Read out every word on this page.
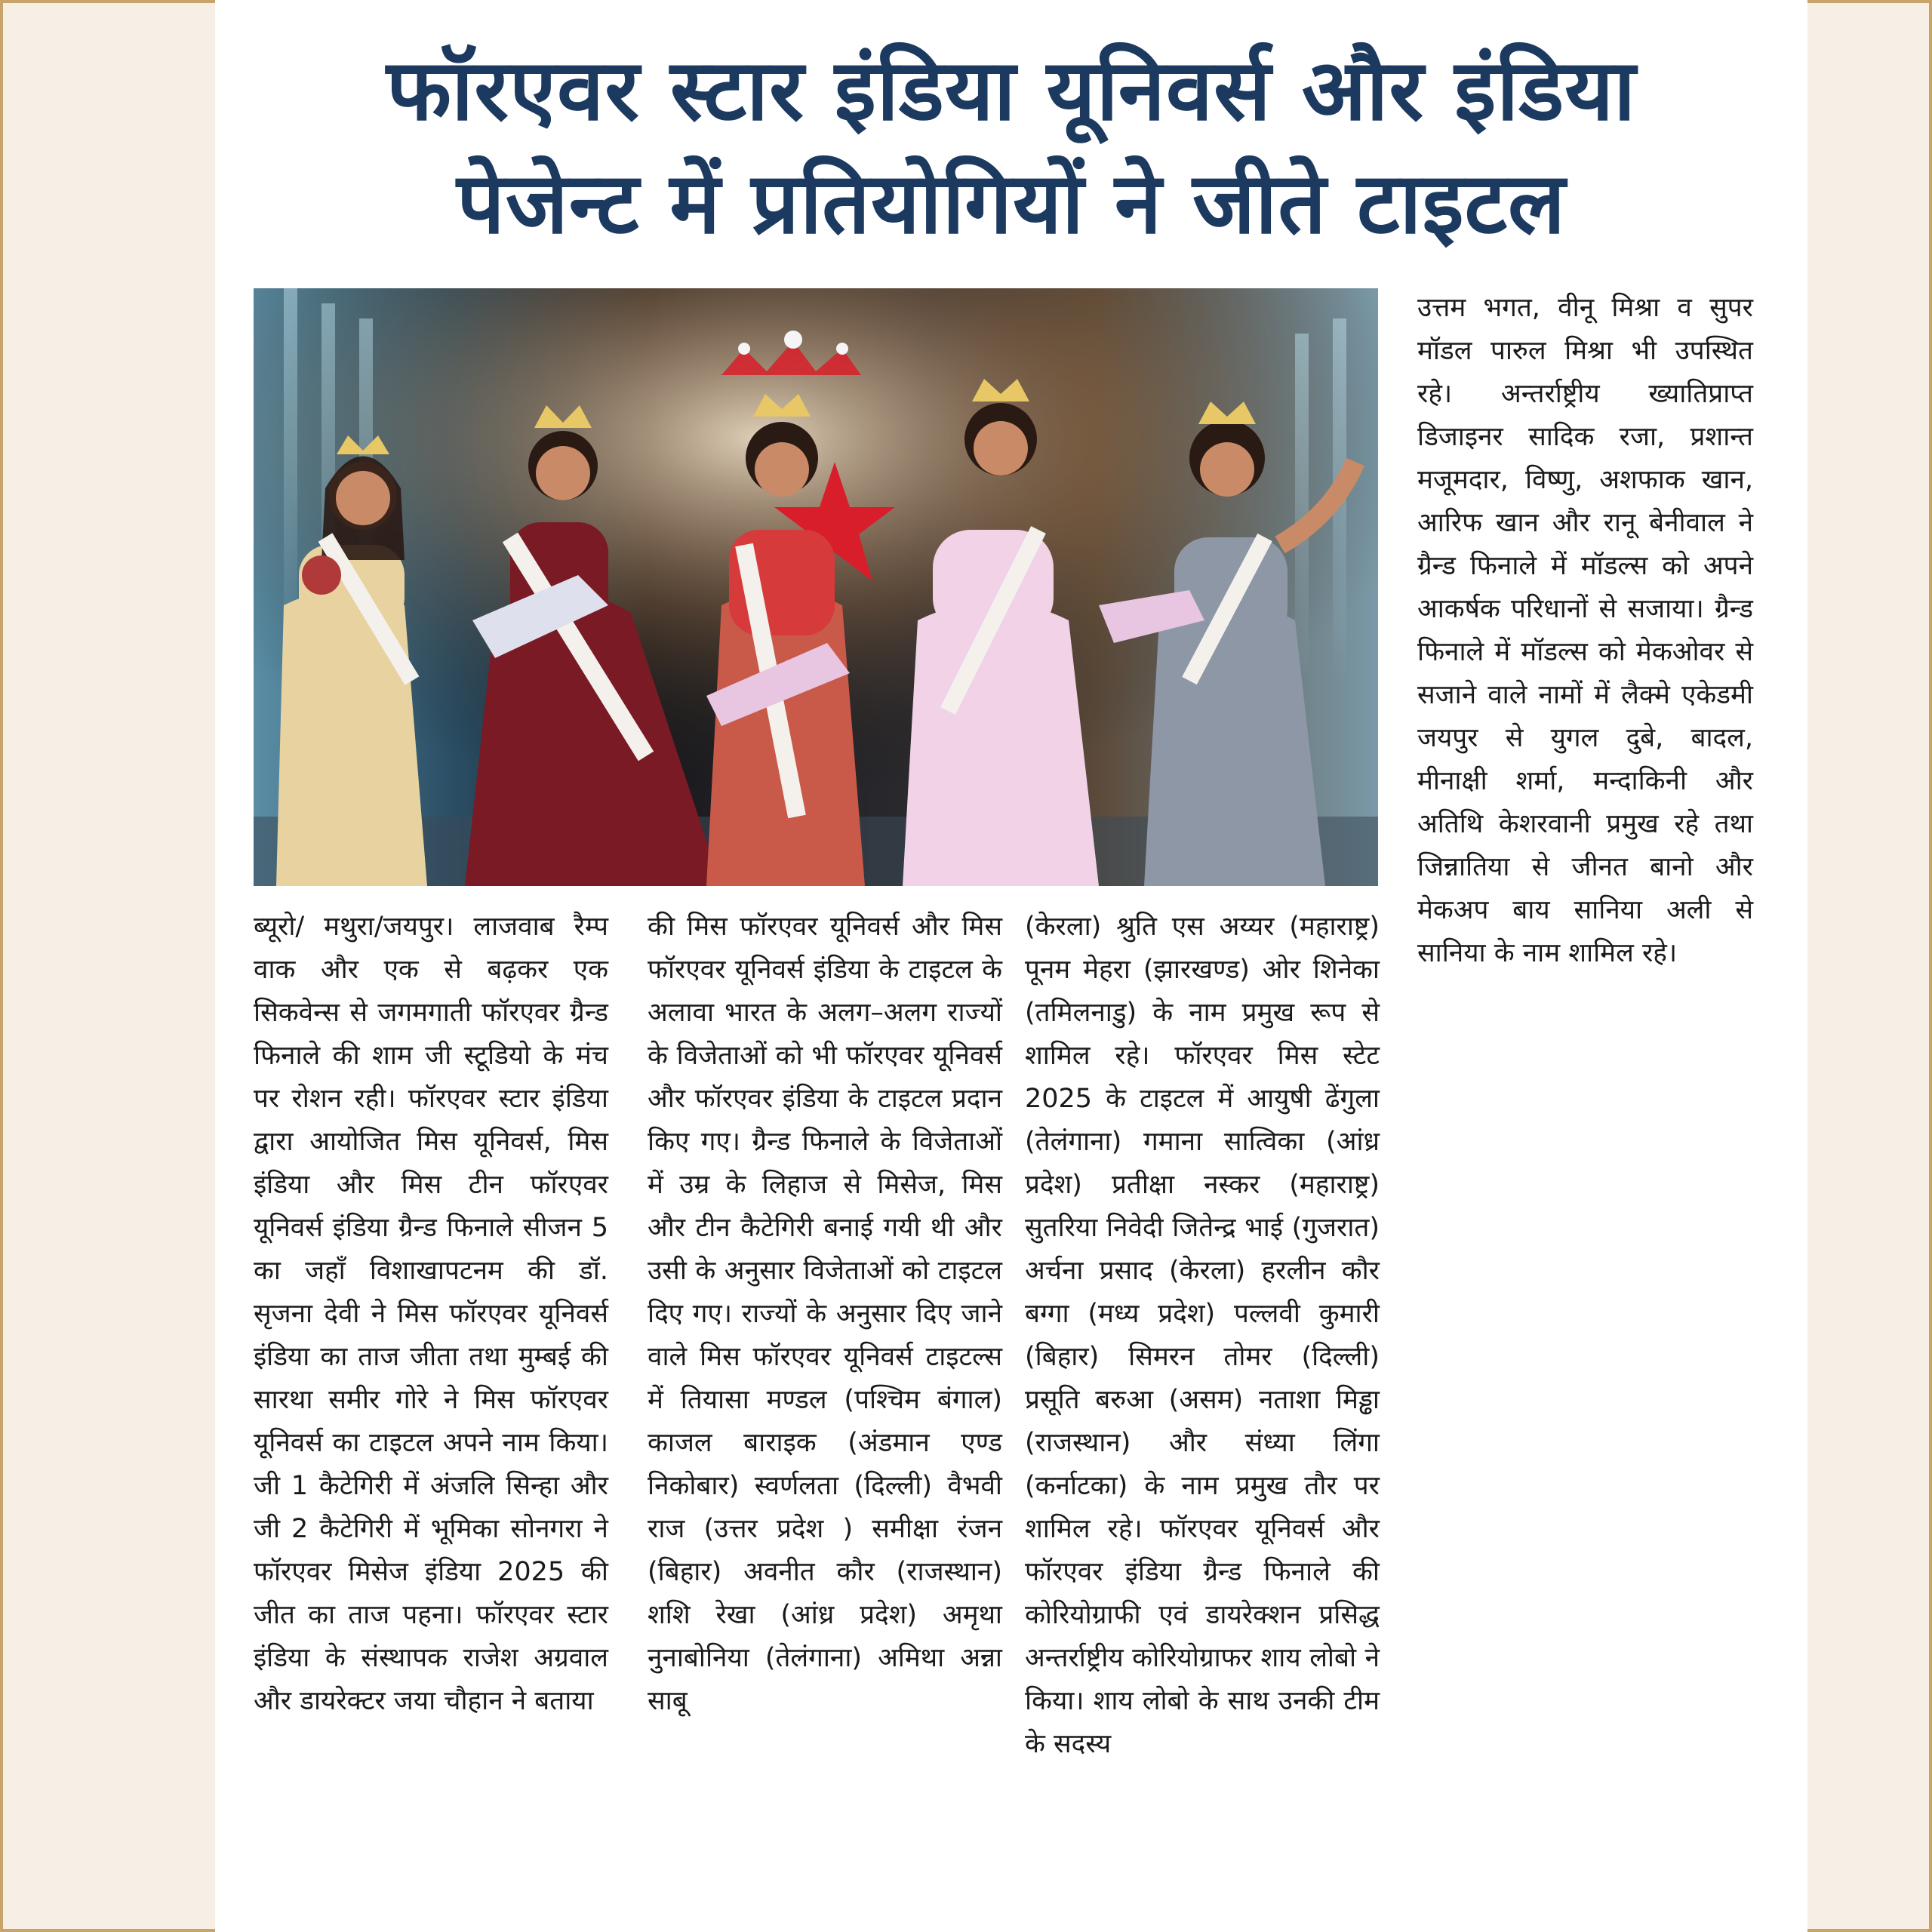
फॉरएवर स्टार इंडिया यूनिवर्स और इंडिया
पेजेन्ट में प्रतियोगियों ने जीते टाइटल

ब्यूरो/ मथुरा/जयपुर। लाजवाब रैम्प वाक और एक से बढ़कर एक सिकवेन्स से जगमगाती फॉरएवर ग्रैन्ड फिनाले की शाम जी स्टूडियो के मंच पर रोशन रही। फॉरएवर स्टार इंडिया द्वारा आयोजित मिस यूनिवर्स, मिस इंडिया और मिस टीन फॉरएवर यूनिवर्स इंडिया ग्रैन्ड फिनाले सीजन 5 का जहाँ विशाखापटनम की डॉ. सृजना देवी ने मिस फॉरएवर यूनिवर्स इंडिया का ताज जीता तथा मुम्बई की सारथा समीर गोरे ने मिस फॉरएवर यूनिवर्स का टाइटल अपने नाम किया। जी 1 कैटेगिरी में अंजलि सिन्हा और जी 2 कैटेगिरी में भूमिका सोनगरा ने फॉरएवर मिसेज इंडिया 2025 की जीत का ताज पहना। फॉरएवर स्टार इंडिया के संस्थापक राजेश अग्रवाल और डायरेक्टर जया चौहान ने बताया

की मिस फॉरएवर यूनिवर्स और मिस फॉरएवर यूनिवर्स इंडिया के टाइटल के अलावा भारत के अलग–अलग राज्यों के विजेताओं को भी फॉरएवर यूनिवर्स और फॉरएवर इंडिया के टाइटल प्रदान किए गए। ग्रैन्ड फिनाले के विजेताओं में उम्र के लिहाज से मिसेज, मिस और टीन कैटेगिरी बनाई गयी थी और उसी के अनुसार विजेताओं को टाइटल दिए गए। राज्यों के अनुसार दिए जाने वाले मिस फॉरएवर यूनिवर्स टाइटल्स में तियासा मण्डल (पश्चिम बंगाल) काजल बाराइक (अंडमान एण्ड निकोबार) स्वर्णलता (दिल्ली) वैभवी राज (उत्तर प्रदेश ) समीक्षा रंजन (बिहार) अवनीत कौर (राजस्थान) शशि रेखा (आंध्र प्रदेश) अमृथा नुनाबोनिया (तेलंगाना) अमिथा अन्ना साबू

(केरला) श्रुति एस अय्यर (महाराष्ट्र) पूनम मेहरा (झारखण्ड) ओर शिनेका (तमिलनाडु) के नाम प्रमुख रूप से शामिल रहे। फॉरएवर मिस स्टेट 2025 के टाइटल में आयुषी ढेंगुला (तेलंगाना) गमाना सात्विका (आंध्र प्रदेश) प्रतीक्षा नस्कर (महाराष्ट्र) सुतरिया निवेदी जितेन्द्र भाई (गुजरात) अर्चना प्रसाद (केरला) हरलीन कौर बग्गा (मध्य प्रदेश) पल्लवी कुमारी (बिहार) सिमरन तोमर (दिल्ली) प्रसूति बरुआ (असम) नताशा मिड्ढा (राजस्थान) और संध्या लिंगा (कर्नाटका) के नाम प्रमुख तौर पर शामिल रहे। फॉरएवर यूनिवर्स और फॉरएवर इंडिया ग्रैन्ड फिनाले की कोरियोग्राफी एवं डायरेक्शन प्रसिद्ध अन्तर्राष्ट्रीय कोरियोग्राफर शाय लोबो ने किया। शाय लोबो के साथ उनकी टीम के सदस्य

उत्तम भगत, वीनू मिश्रा व सुपर मॉडल पारुल मिश्रा भी उपस्थित रहे। अन्तर्राष्ट्रीय ख्यातिप्राप्त डिजाइनर सादिक रजा, प्रशान्त मजूमदार, विष्णु, अशफाक खान, आरिफ खान और रानू बेनीवाल ने ग्रैन्ड फिनाले में मॉडल्स को अपने आकर्षक परिधानों से सजाया। ग्रैन्ड फिनाले में मॉडल्स को मेकओवर से सजाने वाले नामों में लैक्मे एकेडमी जयपुर से युगल दुबे, बादल, मीनाक्षी शर्मा, मन्दाकिनी और अतिथि केशरवानी प्रमुख रहे तथा जिन्नातिया से जीनत बानो और मेकअप बाय सानिया अली से सानिया के नाम शामिल रहे।
